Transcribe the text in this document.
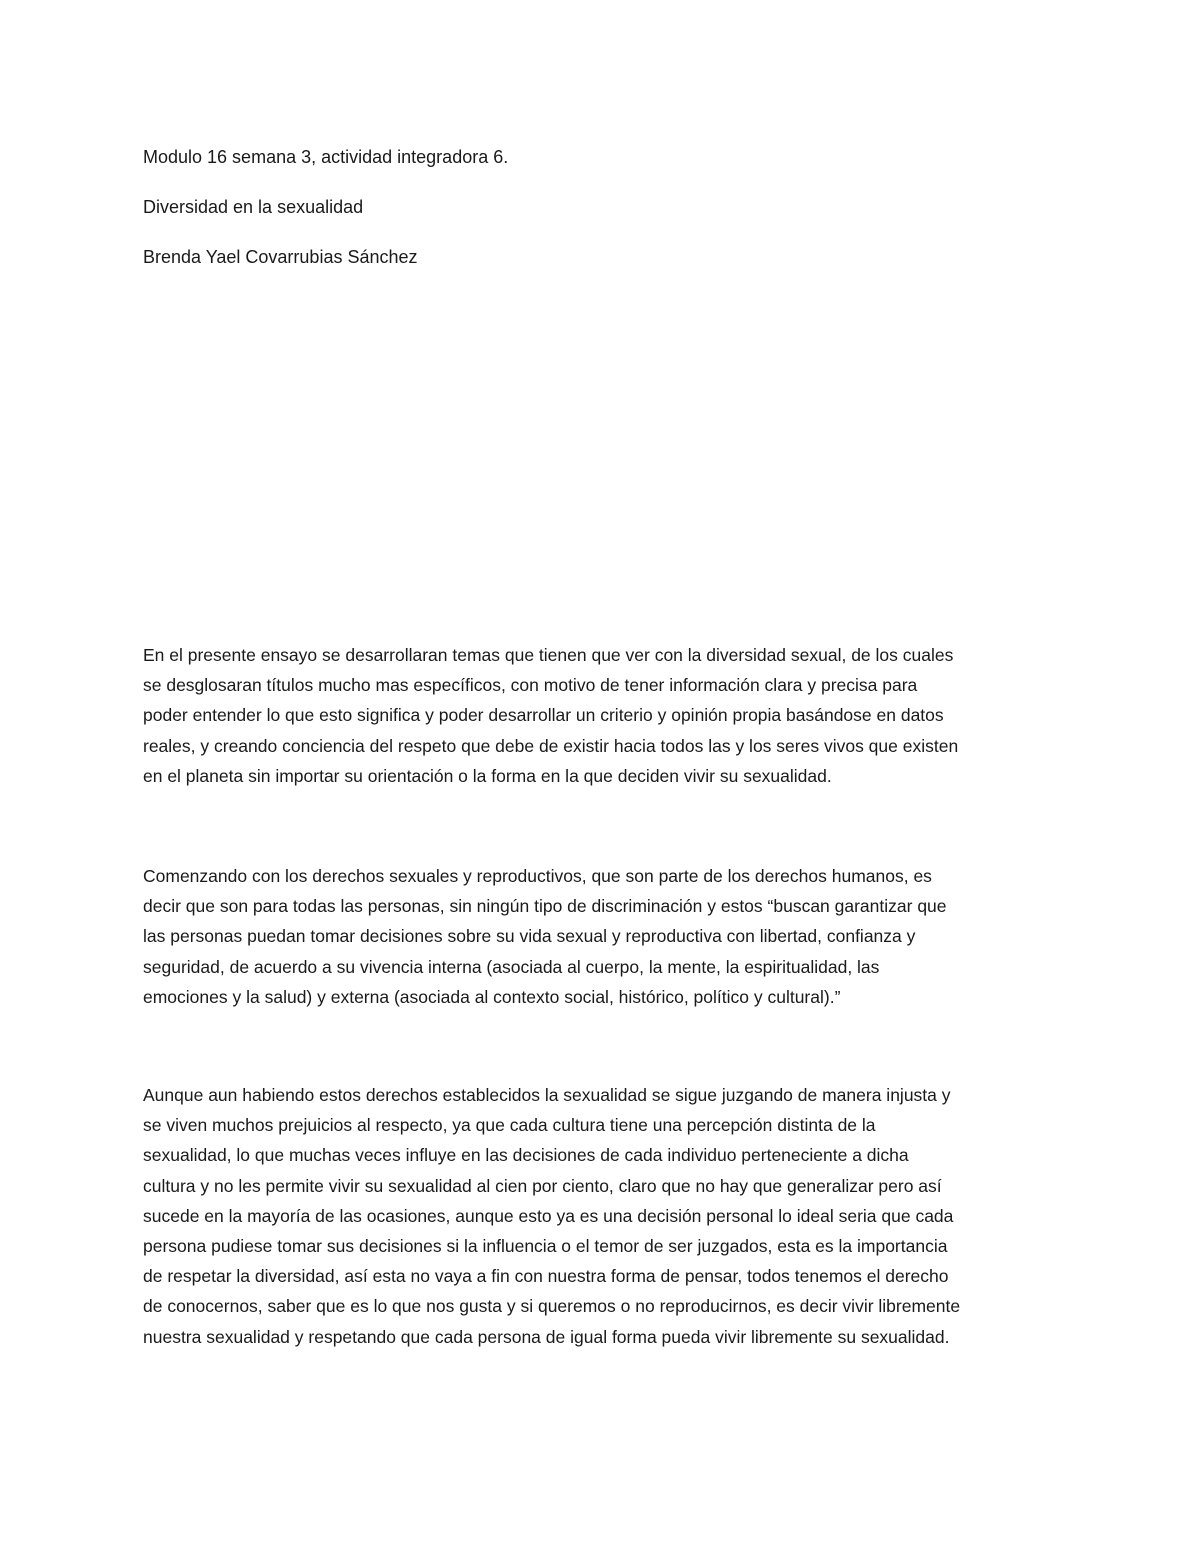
Modulo 16 semana 3, actividad integradora 6.

Diversidad en la sexualidad

Brenda Yael Covarrubias Sánchez

En el presente ensayo se desarrollaran temas que tienen que ver con la diversidad sexual, de los cuales
se desglosaran títulos mucho mas específicos, con motivo de tener información clara y precisa para
poder entender lo que esto significa y poder desarrollar un criterio y opinión propia basándose en datos
reales, y creando conciencia del respeto que debe de existir hacia todos las y los seres vivos que existen
en el planeta sin importar su orientación o la forma en la que deciden vivir su sexualidad.
Comenzando con los derechos sexuales y reproductivos, que son parte de los derechos humanos, es
decir que son para todas las personas, sin ningún tipo de discriminación y estos “buscan garantizar que
las personas puedan tomar decisiones sobre su vida sexual y reproductiva con libertad, confianza y
seguridad, de acuerdo a su vivencia interna (asociada al cuerpo, la mente, la espiritualidad, las
emociones y la salud) y externa (asociada al contexto social, histórico, político y cultural).”
Aunque aun habiendo estos derechos establecidos la sexualidad se sigue juzgando de manera injusta y
se viven muchos prejuicios al respecto, ya que cada cultura tiene una percepción distinta de la
sexualidad, lo que muchas veces influye en las decisiones de cada individuo perteneciente a dicha
cultura y no les permite vivir su sexualidad al cien por ciento, claro que no hay que generalizar pero así
sucede en la mayoría de las ocasiones, aunque esto ya es una decisión personal lo ideal seria que cada
persona pudiese tomar sus decisiones si la influencia o el temor de ser juzgados, esta es la importancia
de respetar la diversidad, así esta no vaya a fin con nuestra forma de pensar, todos tenemos el derecho
de conocernos, saber que es lo que nos gusta y si queremos o no reproducirnos, es decir vivir libremente
nuestra sexualidad y respetando que cada persona de igual forma pueda vivir libremente su sexualidad.
